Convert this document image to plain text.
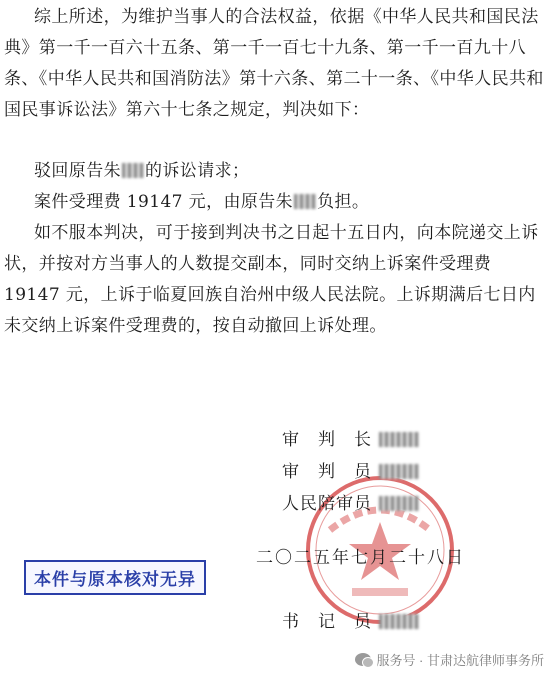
综上所述，为维护当事人的合法权益，依据《中华人民共和国民法典》第一千一百六十五条、第一千一百七十九条、第一千一百九十八条、《中华人民共和国消防法》第十六条、第二十一条、《中华人民共和国民事诉讼法》第六十七条之规定，判决如下：
驳回原告朱 的诉讼请求；
案件受理费 19147 元，由原告朱 负担。
如不服本判决，可于接到判决书之日起十五日内，向本院递交上诉状，并按对方当事人的人数提交副本，同时交纳上诉案件受理费 19147 元，上诉于临夏回族自治州中级人民法院。上诉期满后七日内未交纳上诉案件受理费的，按自动撤回上诉处理。
审　判　长
审　判　员
人民陪审员
二〇二五年七月二十八日
书　记　员
本件与原本核对无异
服务号 · 甘肃达航律师事务所
